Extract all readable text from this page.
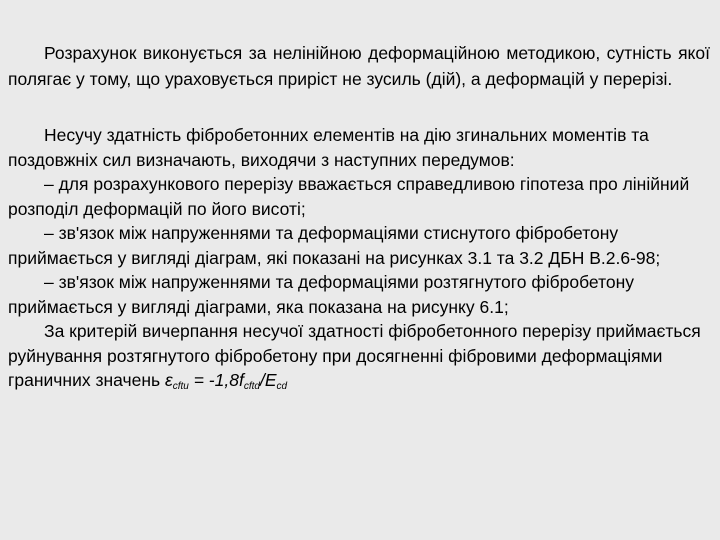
Розрахунок виконується за нелінійною деформаційною методикою, сутність якої полягає у тому, що ураховується приріст не зусиль (дій), а деформацій у перерізі.

Несучу здатність фібробетонних елементів на дію згинальних моментів та поздовжніх сил визначають, виходячи з наступних передумов:

– для розрахункового перерізу вважається справедливою гіпотеза про лінійний розподіл деформацій по його висоті;

– зв'язок між напруженнями та деформаціями стиснутого фібробетону приймається у вигляді діаграм, які показані на рисунках 3.1 та 3.2 ДБН В.2.6-98;

– зв'язок між напруженнями та деформаціями розтягнутого фібробетону приймається у вигляді діаграми, яка показана на рисунку 6.1;

За критерій вичерпання несучої здатності фібробетонного перерізу приймається руйнування розтягнутого фібробетону при досягненні фібровими деформаціями граничних значень $\varepsilon_{cftu} = -1,8f_{cftd}/E_{cd}$
